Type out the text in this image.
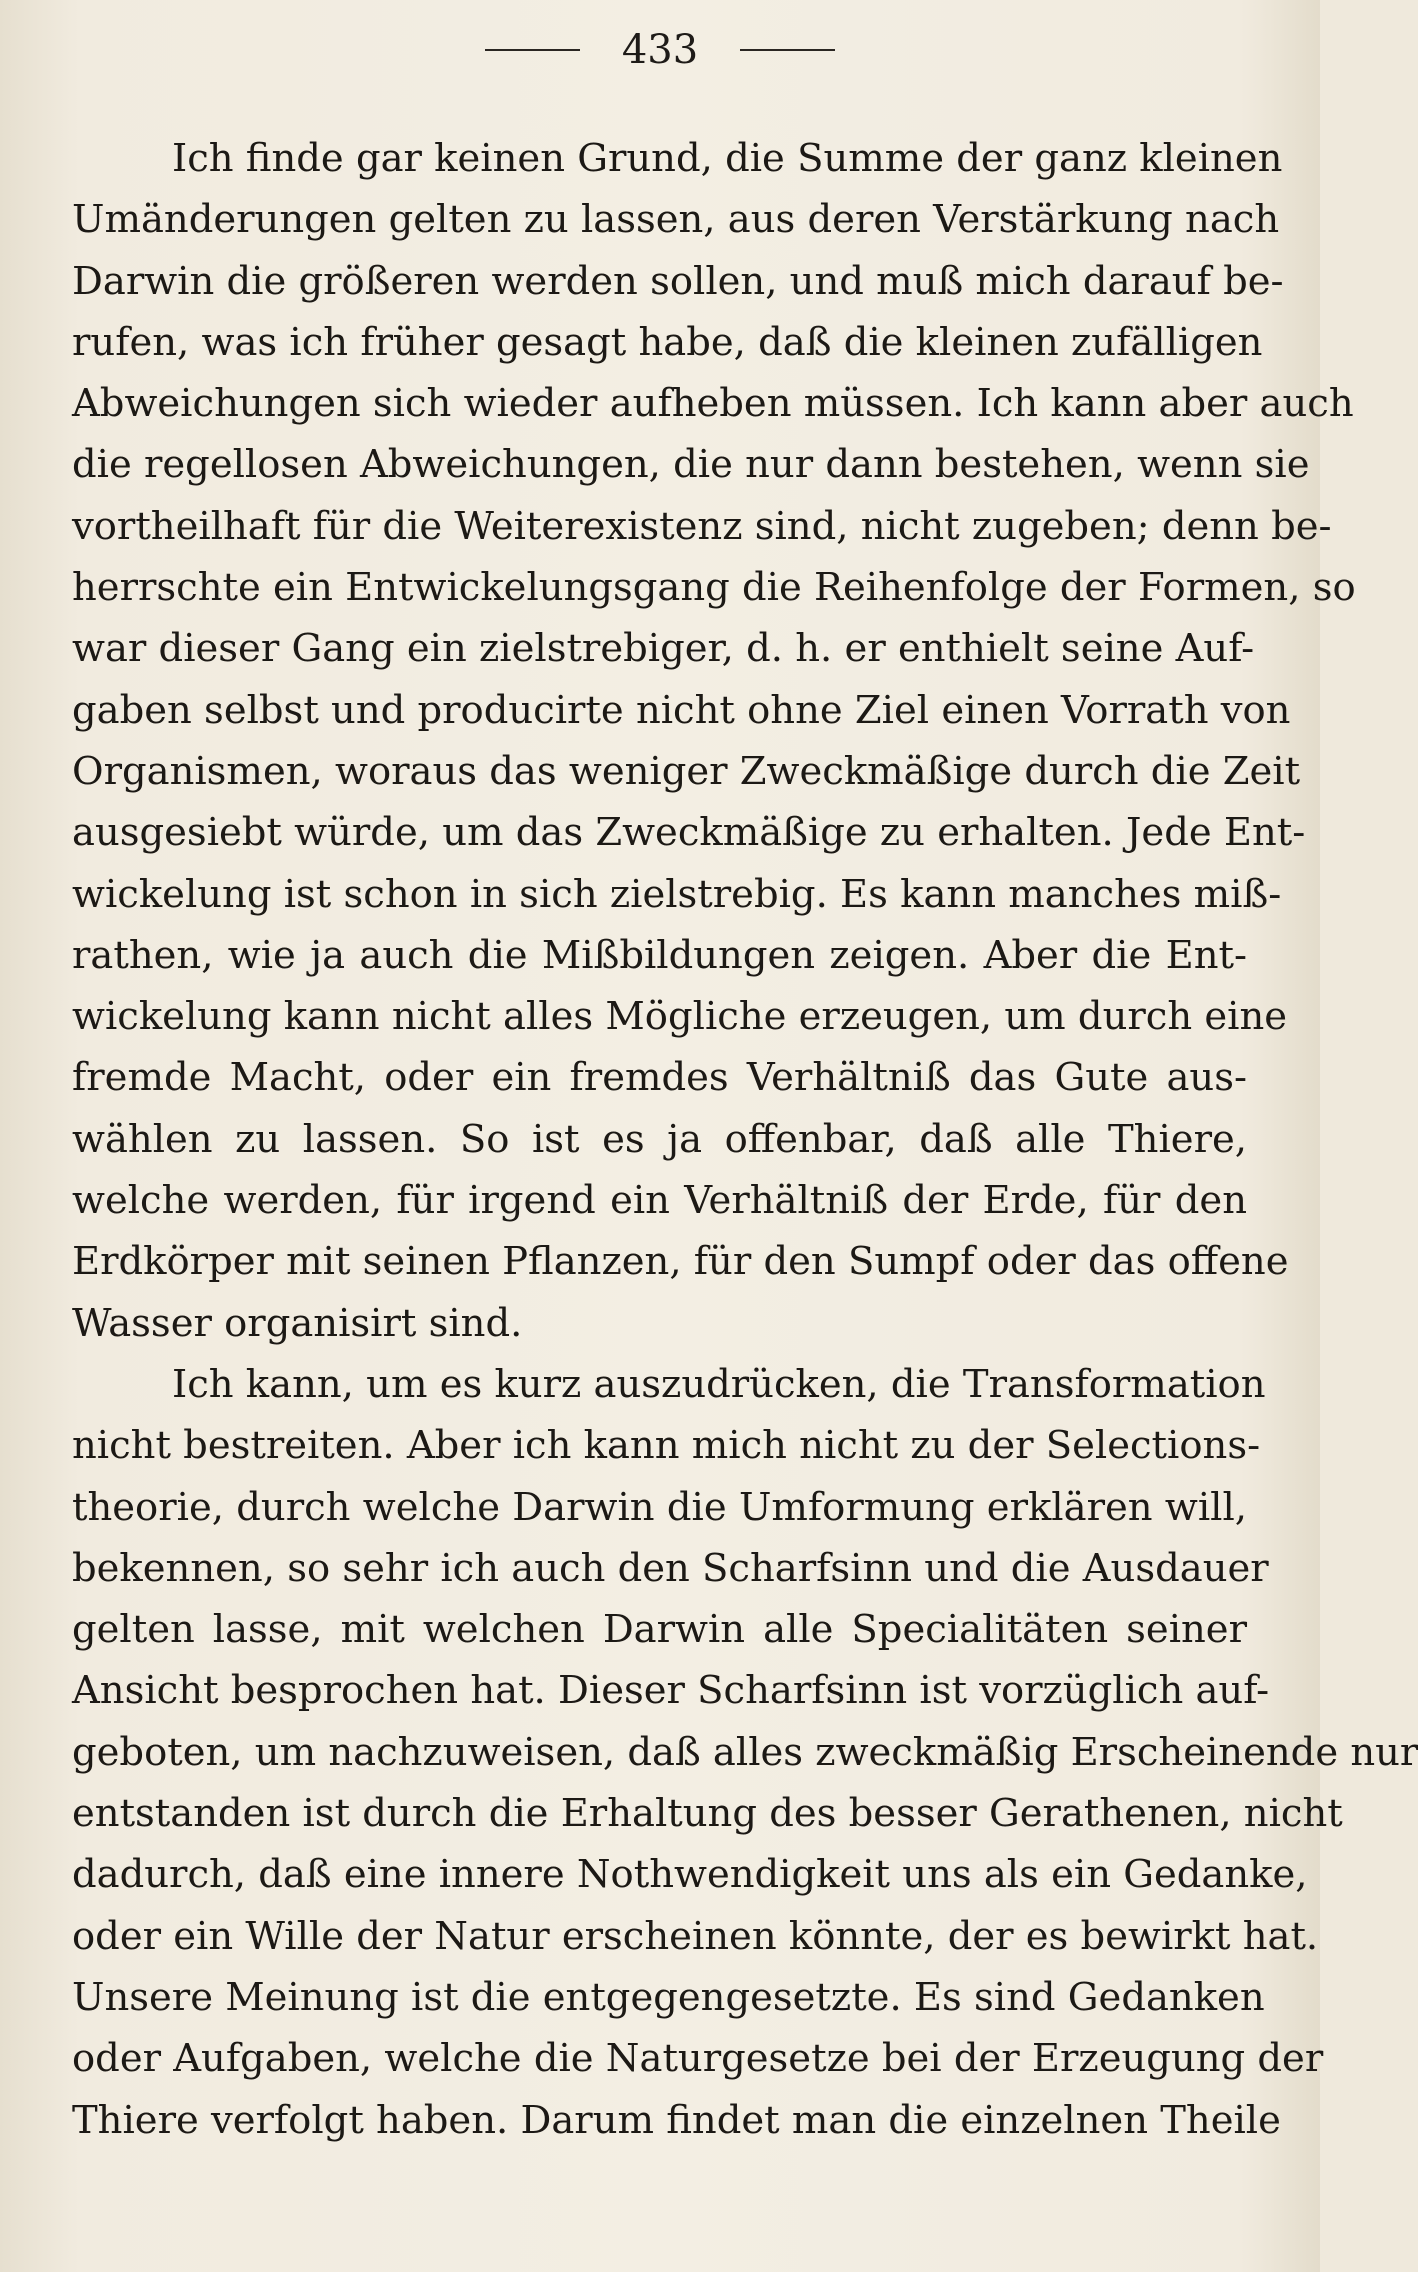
433
Ich finde gar keinen Grund, die Summe der ganz kleinen
Umänderungen gelten zu lassen, aus deren Verstärkung nach
Darwin die größeren werden sollen, und muß mich darauf be-
rufen, was ich früher gesagt habe, daß die kleinen zufälligen
Abweichungen sich wieder aufheben müssen. Ich kann aber auch
die regellosen Abweichungen, die nur dann bestehen, wenn sie
vortheilhaft für die Weiterexistenz sind, nicht zugeben; denn be-
herrschte ein Entwickelungsgang die Reihenfolge der Formen, so
war dieser Gang ein zielstrebiger, d. h. er enthielt seine Auf-
gaben selbst und producirte nicht ohne Ziel einen Vorrath von
Organismen, woraus das weniger Zweckmäßige durch die Zeit
ausgesiebt würde, um das Zweckmäßige zu erhalten. Jede Ent-
wickelung ist schon in sich zielstrebig. Es kann manches miß-
rathen, wie ja auch die Mißbildungen zeigen. Aber die Ent-
wickelung kann nicht alles Mögliche erzeugen, um durch eine
fremde Macht, oder ein fremdes Verhältniß das Gute aus-
wählen zu lassen. So ist es ja offenbar, daß alle Thiere,
welche werden, für irgend ein Verhältniß der Erde, für den
Erdkörper mit seinen Pflanzen, für den Sumpf oder das offene
Wasser organisirt sind.
Ich kann, um es kurz auszudrücken, die Transformation
nicht bestreiten. Aber ich kann mich nicht zu der Selections-
theorie, durch welche Darwin die Umformung erklären will,
bekennen, so sehr ich auch den Scharfsinn und die Ausdauer
gelten lasse, mit welchen Darwin alle Specialitäten seiner
Ansicht besprochen hat. Dieser Scharfsinn ist vorzüglich auf-
geboten, um nachzuweisen, daß alles zweckmäßig Erscheinende nur
entstanden ist durch die Erhaltung des besser Gerathenen, nicht
dadurch, daß eine innere Nothwendigkeit uns als ein Gedanke,
oder ein Wille der Natur erscheinen könnte, der es bewirkt hat.
Unsere Meinung ist die entgegengesetzte. Es sind Gedanken
oder Aufgaben, welche die Naturgesetze bei der Erzeugung der
Thiere verfolgt haben. Darum findet man die einzelnen Theile
